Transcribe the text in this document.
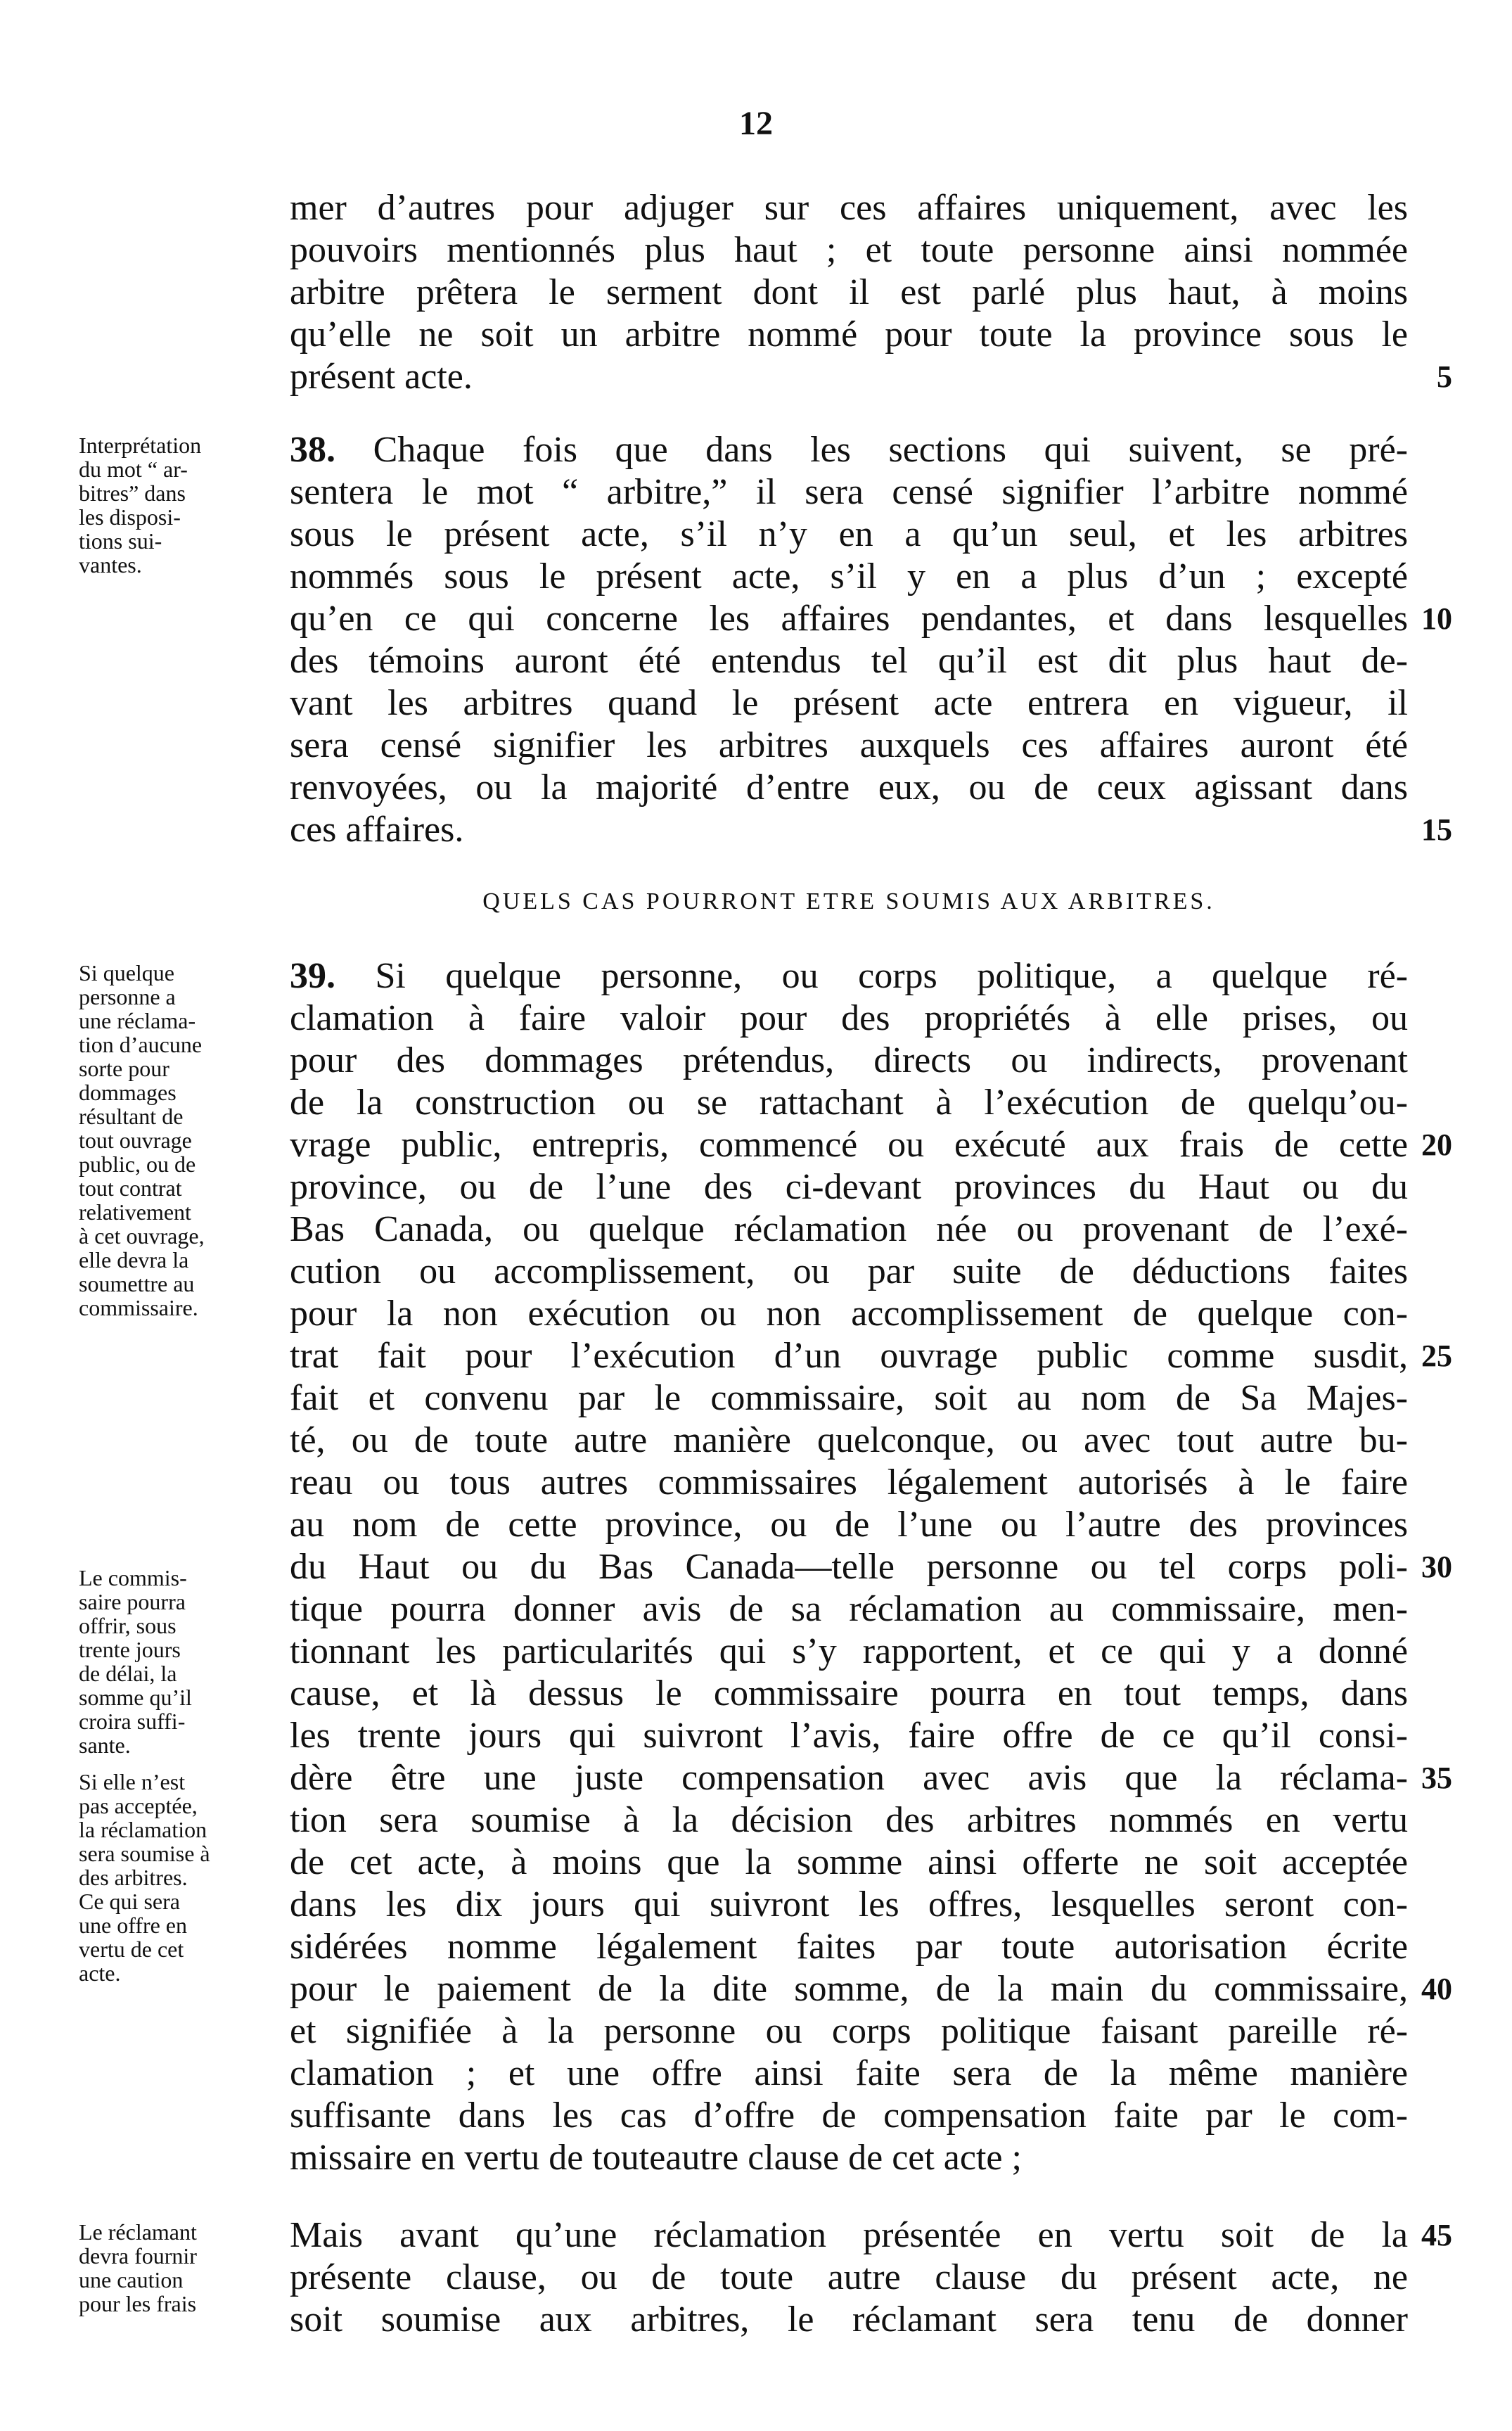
12

mer d’autres pour adjuger sur ces affaires uniquement, avec les

pouvoirs mentionnés plus haut ; et toute personne ainsi nommée

arbitre prêtera le serment dont il est parlé plus haut, à moins

qu’elle ne soit un arbitre nommé pour toute la province sous le

présent acte.

38. Chaque fois que dans les sections qui suivent, se pré-

sentera le mot “ arbitre,” il sera censé signifier l’arbitre nommé

sous le présent acte, s’il n’y en a qu’un seul, et les arbitres

nommés sous le présent acte, s’il y en a plus d’un ; excepté

qu’en ce qui concerne les affaires pendantes, et dans lesquelles

des témoins auront été entendus tel qu’il est dit plus haut de-

vant les arbitres quand le présent acte entrera en vigueur, il

sera censé signifier les arbitres auxquels ces affaires auront été

renvoyées, ou la majorité d’entre eux, ou de ceux agissant dans

ces affaires.

QUELS CAS POURRONT ETRE SOUMIS AUX ARBITRES.

39. Si quelque personne, ou corps politique, a quelque ré-

clamation à faire valoir pour des propriétés à elle prises, ou

pour des dommages prétendus, directs ou indirects, provenant

de la construction ou se rattachant à l’exécution de quelqu’ou-

vrage public, entrepris, commencé ou exécuté aux frais de cette

province, ou de l’une des ci-devant provinces du Haut ou du

Bas Canada, ou quelque réclamation née ou provenant de l’exé-

cution ou accomplissement, ou par suite de déductions faites

pour la non exécution ou non accomplissement de quelque con-

trat fait pour l’exécution d’un ouvrage public comme susdit,

fait et convenu par le commissaire, soit au nom de Sa Majes-

té, ou de toute autre manière quelconque, ou avec tout autre bu-

reau ou tous autres commissaires légalement autorisés à le faire

au nom de cette province, ou de l’une ou l’autre des provinces

du Haut ou du Bas Canada—telle personne ou tel corps poli-

tique pourra donner avis de sa réclamation au commissaire, men-

tionnant les particularités qui s’y rapportent, et ce qui y a donné

cause, et là dessus le commissaire pourra en tout temps, dans

les trente jours qui suivront l’avis, faire offre de ce qu’il consi-

dère être une juste compensation avec avis que la réclama-

tion sera soumise à la décision des arbitres nommés en vertu

de cet acte, à moins que la somme ainsi offerte ne soit acceptée

dans les dix jours qui suivront les offres, lesquelles seront con-

sidérées nomme légalement faites par toute autorisation écrite

pour le paiement de la dite somme, de la main du commissaire,

et signifiée à la personne ou corps politique faisant pareille ré-

clamation ; et une offre ainsi faite sera de la même manière

suffisante dans les cas d’offre de compensation faite par le com-

missaire en vertu de touteautre clause de cet acte ;

Mais avant qu’une réclamation présentée en vertu soit de la

présente clause, ou de toute autre clause du présent acte, ne

soit soumise aux arbitres, le réclamant sera tenu de donner

5
10
15
20
25
30
35
40
45
Interprétation
du mot “ ar-
bitres” dans
les disposi-
tions sui-
vantes.
Si quelque
personne a
une réclama-
tion d’aucune
sorte pour
dommages
résultant de
tout ouvrage
public, ou de
tout contrat
relativement
à cet ouvrage,
elle devra la
soumettre au
commissaire.
Le commis-
saire pourra
offrir, sous
trente jours
de délai, la
somme qu’il
croira suffi-
sante.
Si elle n’est
pas acceptée,
la réclamation
sera soumise à
des arbitres.
Ce qui sera
une offre en
vertu de cet
acte.
Le réclamant
devra fournir
une caution
pour les frais
